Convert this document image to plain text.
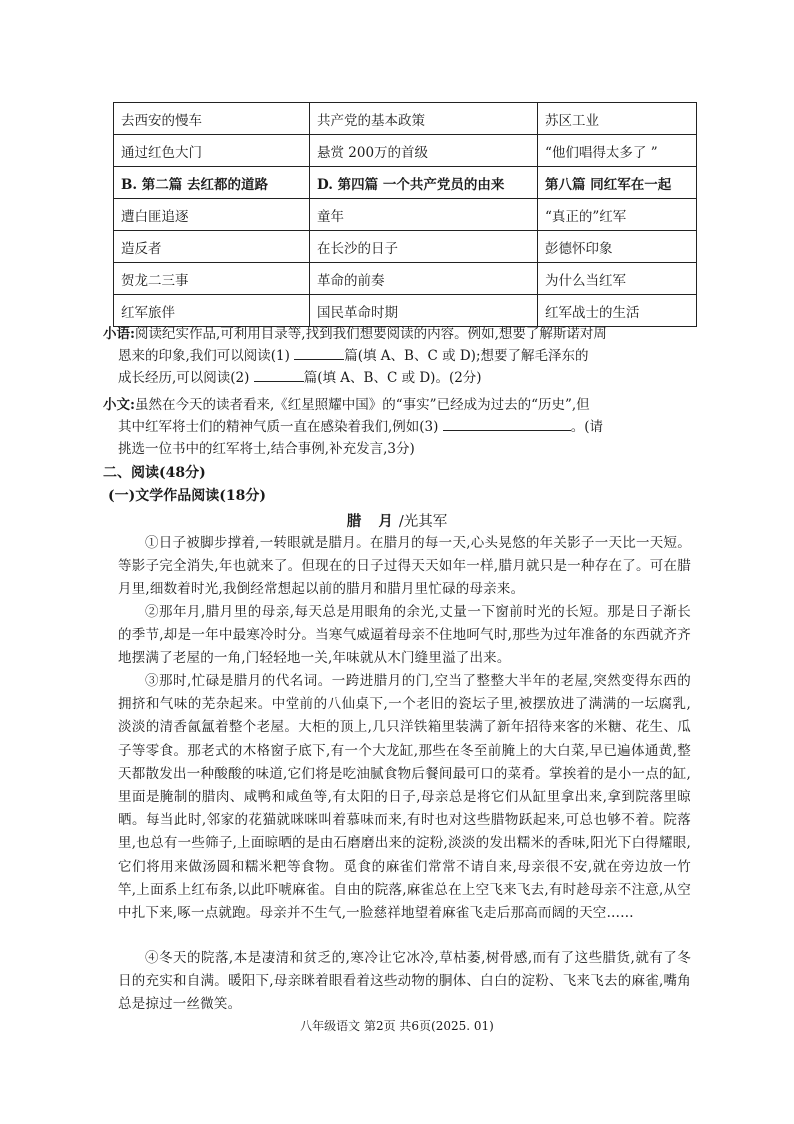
去西安的慢车	共产党的基本政策	苏区工业
通过红色大门	悬赏 200万的首级	“他们唱得太多了 ”
B. 第二篇 去红都的道路	D. 第四篇 一个共产党员的由来	第八篇 同红军在一起
遭白匪追逐	童年	“真正的”红军
造反者	在长沙的日子	彭德怀印象
贺龙二三事	革命的前奏	为什么当红军
红军旅伴	国民革命时期	红军战士的生活
小语:阅读纪实作品,可利用目录等,找到我们想要阅读的内容。例如,想要了解斯诺对周
恩来的印象,我们可以阅读(1)	篇(填 A、B、C 或 D);想要了解毛泽东的
成长经历,可以阅读(2)	篇(填 A、B、C 或 D)。(2分)
小文:虽然在今天的读者看来,《红星照耀中国》的“事实”已经成为过去的“历史”,但
其中红军将士们的精神气质一直在感染着我们,例如(3)	。(请
挑选一位书中的红军将士,结合事例,补充发言,3分)
二、阅读(48分)
(一)文学作品阅读(18分)
腊 月/光其军
①日子被脚步撑着,一转眼就是腊月。在腊月的每一天,心头晃悠的年关影子一天比一天短。等影子完全消失,年也就来了。但现在的日子过得天天如年一样,腊月就只是一种存在了。可在腊月里,细数着时光,我倒经常想起以前的腊月和腊月里忙碌的母亲来。
②那年月,腊月里的母亲,每天总是用眼角的余光,丈量一下窗前时光的长短。那是日子渐长的季节,却是一年中最寒冷时分。当寒气威逼着母亲不住地呵气时,那些为过年准备的东西就齐齐地摆满了老屋的一角,门轻轻地一关,年味就从木门缝里溢了出来。
③那时,忙碌是腊月的代名词。一跨进腊月的门,空当了整整大半年的老屋,突然变得东西的拥挤和气味的芜杂起来。中堂前的八仙桌下,一个老旧的瓷坛子里,被摆放进了满满的一坛腐乳,淡淡的清香氤氲着整个老屋。大柜的顶上,几只洋铁箱里装满了新年招待来客的米糖、花生、瓜子等零食。那老式的木格窗子底下,有一个大龙缸,那些在冬至前腌上的大白菜,早已遍体通黄,整天都散发出一种酸酸的味道,它们将是吃油腻食物后餐间最可口的菜肴。掌挨着的是小一点的缸,里面是腌制的腊肉、咸鸭和咸鱼等,有太阳的日子,母亲总是将它们从缸里拿出来,拿到院落里晾晒。每当此时,邻家的花猫就咪咪叫着慕味而来,有时也对这些腊物跃起来,可总也够不着。院落里,也总有一些筛子,上面晾晒的是由石磨磨出来的淀粉,淡淡的发出糯米的香味,阳光下白得耀眼,它们将用来做汤圆和糯米粑等食物。觅食的麻雀们常常不请自来,母亲很不安,就在旁边放一竹竿,上面系上红布条,以此吓唬麻雀。自由的院落,麻雀总在上空飞来飞去,有时趁母亲不注意,从空中扎下来,啄一点就跑。母亲并不生气,一脸慈祥地望着麻雀飞走后那高而阔的天空……
④冬天的院落,本是凄清和贫乏的,寒冷让它冰冷,草枯萎,树骨感,而有了这些腊货,就有了冬日的充实和自满。暖阳下,母亲眯着眼看着这些动物的胴体、白白的淀粉、飞来飞去的麻雀,嘴角总是掠过一丝微笑。
八年级语文 第2页 共6页(2025. 01)
